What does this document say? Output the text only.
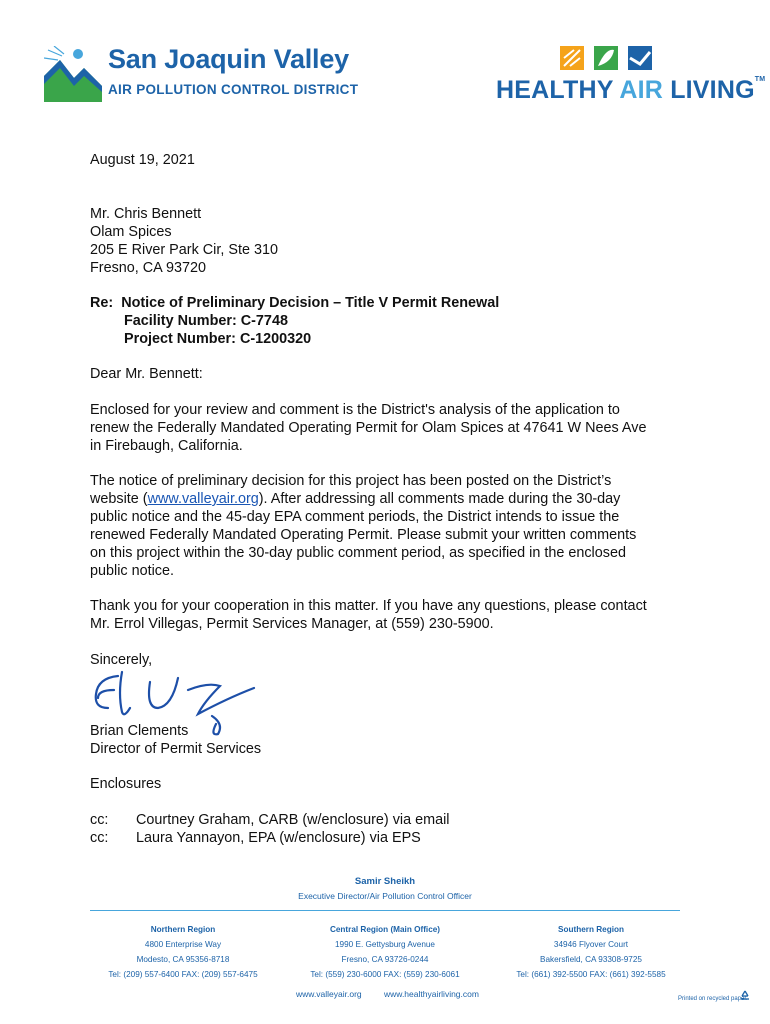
San Joaquin Valley
AIR POLLUTION CONTROL DISTRICT	HEALTHY AIR LIVING™
August 19, 2021
Mr. Chris Bennett
Olam Spices
205 E River Park Cir, Ste 310
Fresno, CA 93720
Re: Notice of Preliminary Decision – Title V Permit Renewal
Facility Number: C-7748
Project Number: C-1200320
Dear Mr. Bennett:
Enclosed for your review and comment is the District's analysis of the application to
renew the Federally Mandated Operating Permit for Olam Spices at 47641 W Nees Ave
in Firebaugh, California.
The notice of preliminary decision for this project has been posted on the District’s
website (www.valleyair.org). After addressing all comments made during the 30-day
public notice and the 45-day EPA comment periods, the District intends to issue the
renewed Federally Mandated Operating Permit. Please submit your written comments
on this project within the 30-day public comment period, as specified in the enclosed
public notice.
Thank you for your cooperation in this matter. If you have any questions, please contact
Mr. Errol Villegas, Permit Services Manager, at (559) 230-5900.
Sincerely,
Brian Clements
Director of Permit Services
Enclosures
cc: Courtney Graham, CARB (w/enclosure) via email
cc: Laura Yannayon, EPA (w/enclosure) via EPS
Samir Sheikh
Executive Director/Air Pollution Control Officer
Northern Region
4800 Enterprise Way
Modesto, CA 95356-8718
Tel: (209) 557-6400 FAX: (209) 557-6475
Central Region (Main Office)
1990 E. Gettysburg Avenue
Fresno, CA 93726-0244
Tel: (559) 230-6000 FAX: (559) 230-6061
Southern Region
34946 Flyover Court
Bakersfield, CA 93308-9725
Tel: (661) 392-5500 FAX: (661) 392-5585
www.valleyair.org	www.healthyairliving.com	Printed on recycled paper.
